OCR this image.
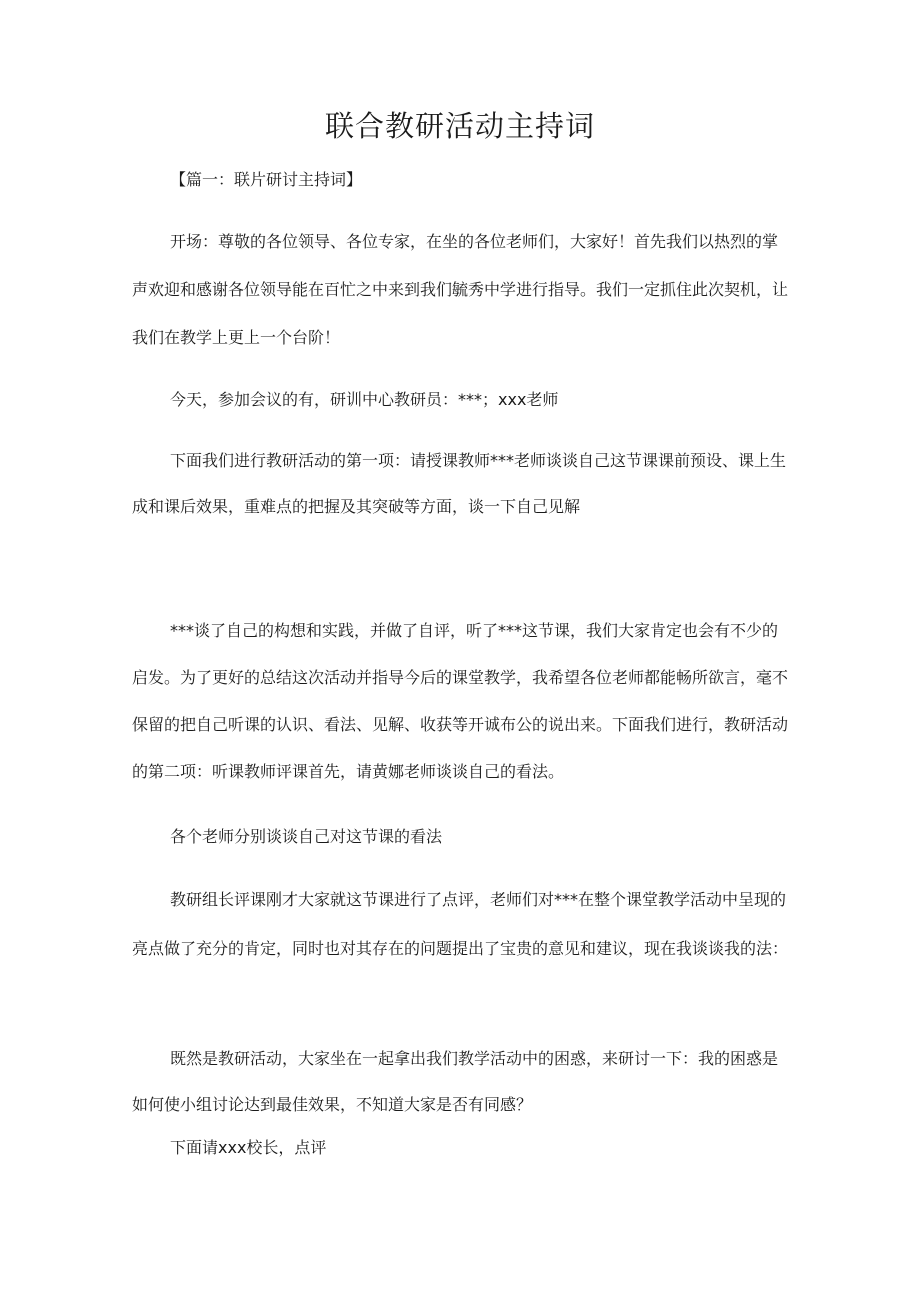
联合教研活动主持词

【篇一：联片研讨主持词】

开场：尊敬的各位领导、各位专家，在坐的各位老师们，大家好！首先我们以热烈的掌声欢迎和感谢各位领导能在百忙之中来到我们毓秀中学进行指导。我们一定抓住此次契机，让我们在教学上更上一个台阶！

今天，参加会议的有，研训中心教研员：***；xxx老师

下面我们进行教研活动的第一项：请授课教师***老师谈谈自己这节课课前预设、课上生成和课后效果，重难点的把握及其突破等方面，谈一下自己见解

***谈了自己的构想和实践，并做了自评，听了***这节课，我们大家肯定也会有不少的启发。为了更好的总结这次活动并指导今后的课堂教学，我希望各位老师都能畅所欲言，毫不保留的把自己听课的认识、看法、见解、收获等开诚布公的说出来。下面我们进行，教研活动的第二项：听课教师评课首先，请黄娜老师谈谈自己的看法。

各个老师分别谈谈自己对这节课的看法

教研组长评课刚才大家就这节课进行了点评，老师们对***在整个课堂教学活动中呈现的亮点做了充分的肯定，同时也对其存在的问题提出了宝贵的意见和建议，现在我谈谈我的法：

既然是教研活动，大家坐在一起拿出我们教学活动中的困惑，来研讨一下：我的困惑是如何使小组讨论达到最佳效果，不知道大家是否有同感？

下面请xxx校长，点评
